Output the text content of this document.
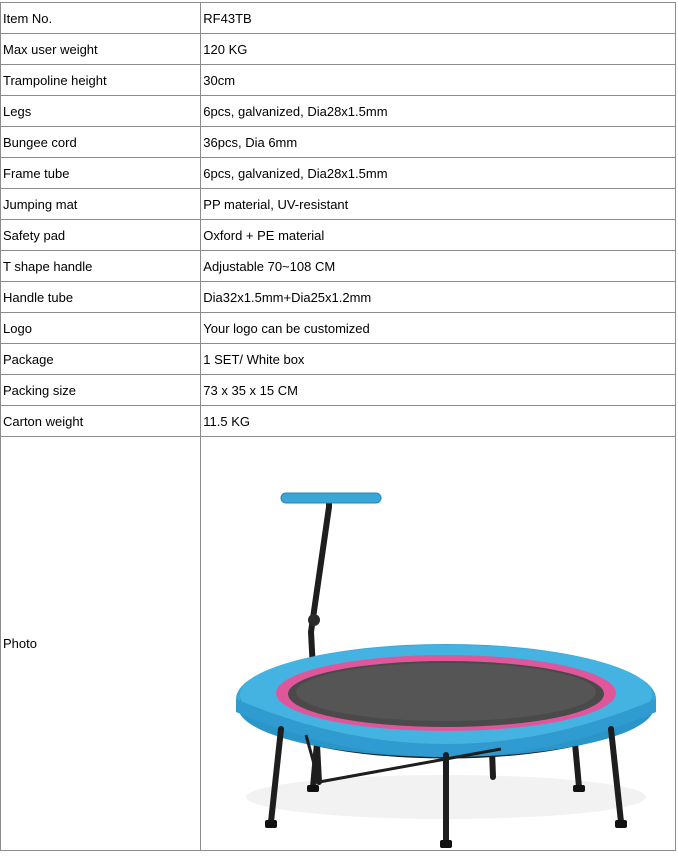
Item No.	RF43TB
Max user weight	120 KG
Trampoline height	30cm
Legs	6pcs, galvanized, Dia28x1.5mm
Bungee cord	36pcs, Dia 6mm
Frame tube	6pcs, galvanized, Dia28x1.5mm
Jumping mat	PP material, UV-resistant
Safety pad	Oxford + PE material
T shape handle	Adjustable 70~108 CM
Handle tube	Dia32x1.5mm+Dia25x1.2mm
Logo	Your logo can be customized
Package	1 SET/ White box
Packing size	73 x 35 x 15 CM
Carton weight	11.5 KG
Photo	
